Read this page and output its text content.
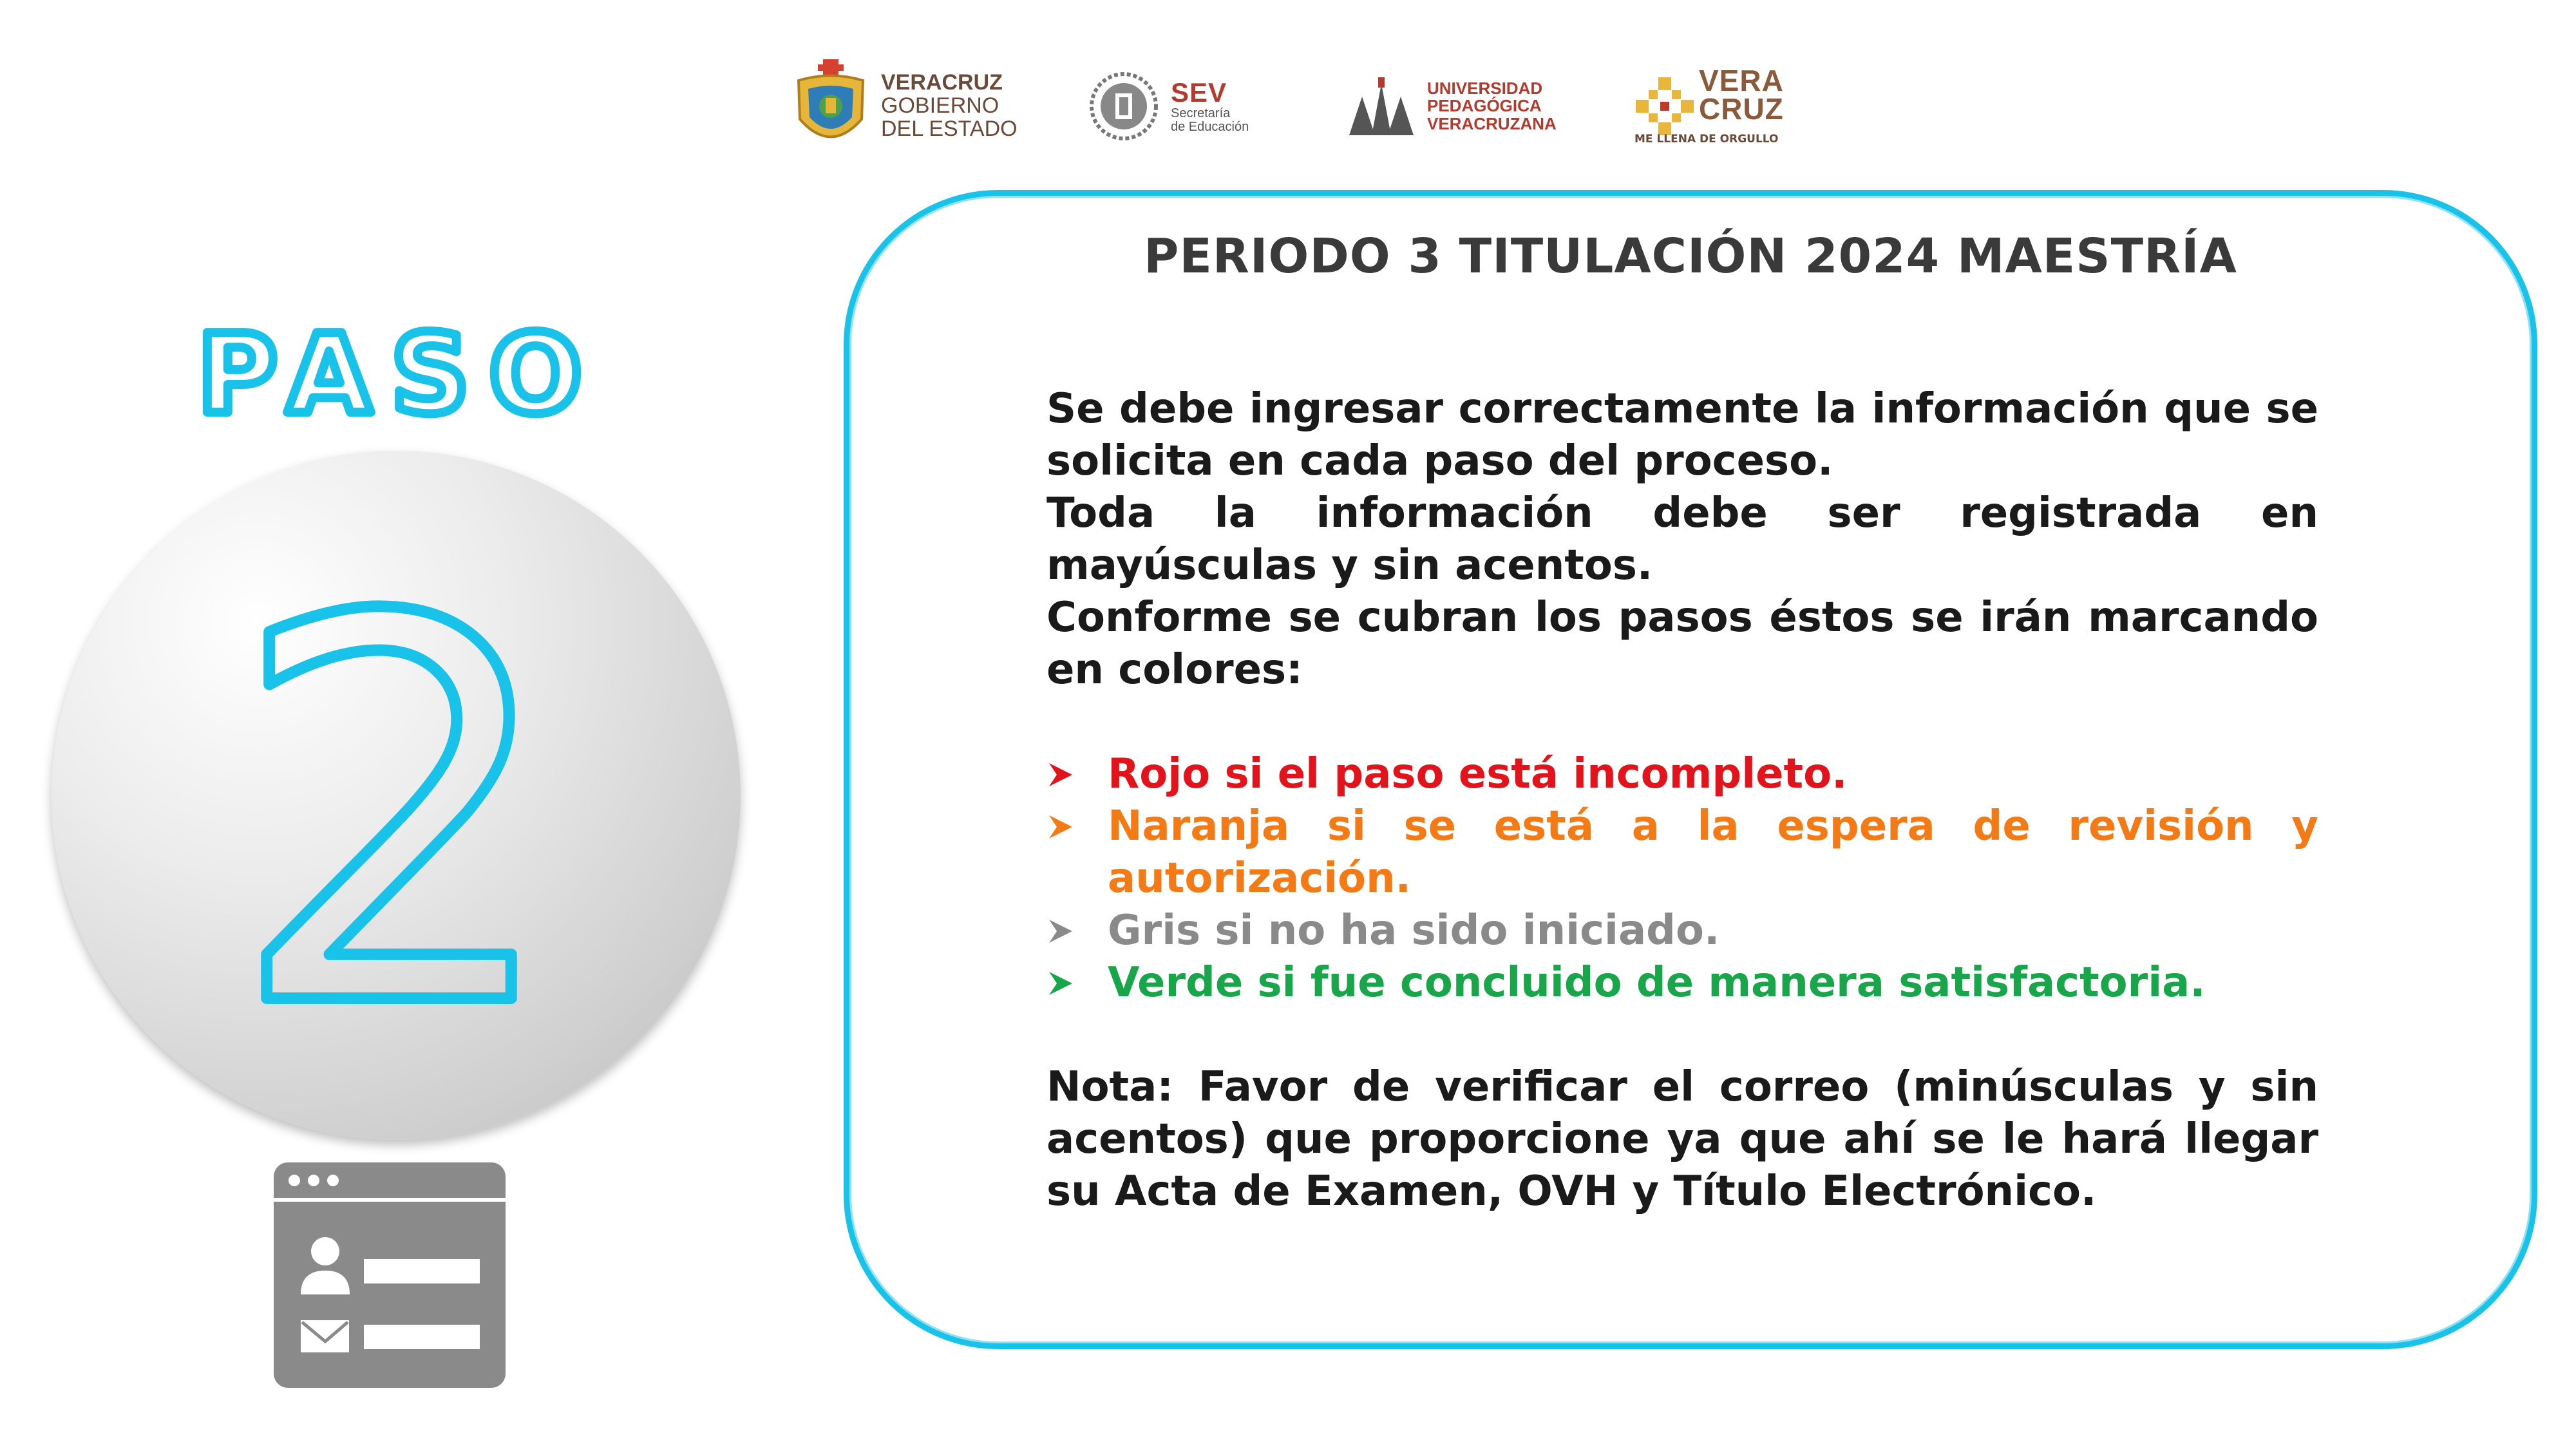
VERACRUZ
GOBIERNO
DEL ESTADO
SEV
Secretaría
de Educación
UNIVERSIDAD
PEDAGÓGICA
VERACRUZANA
VERA
CRUZ
ME LLENA DE ORGULLO
PASO
2
PERIODO 3 TITULACIÓN 2024 MAESTRÍA

Se debe ingresar correctamente la información que se solicita en cada paso del proceso.

Toda la información debe ser registrada en mayúsculas y sin acentos.

Conforme se cubran los pasos éstos se irán marcando en colores:

Rojo si el paso está incompleto.
Naranja si se está a la espera de revisión y autorización.
Gris si no ha sido iniciado.
Verde si fue concluido de manera satisfactoria.

Nota: Favor de verificar el correo (minúsculas y sin acentos) que proporcione ya que ahí se le hará llegar su Acta de Examen, OVH y Título Electrónico.
